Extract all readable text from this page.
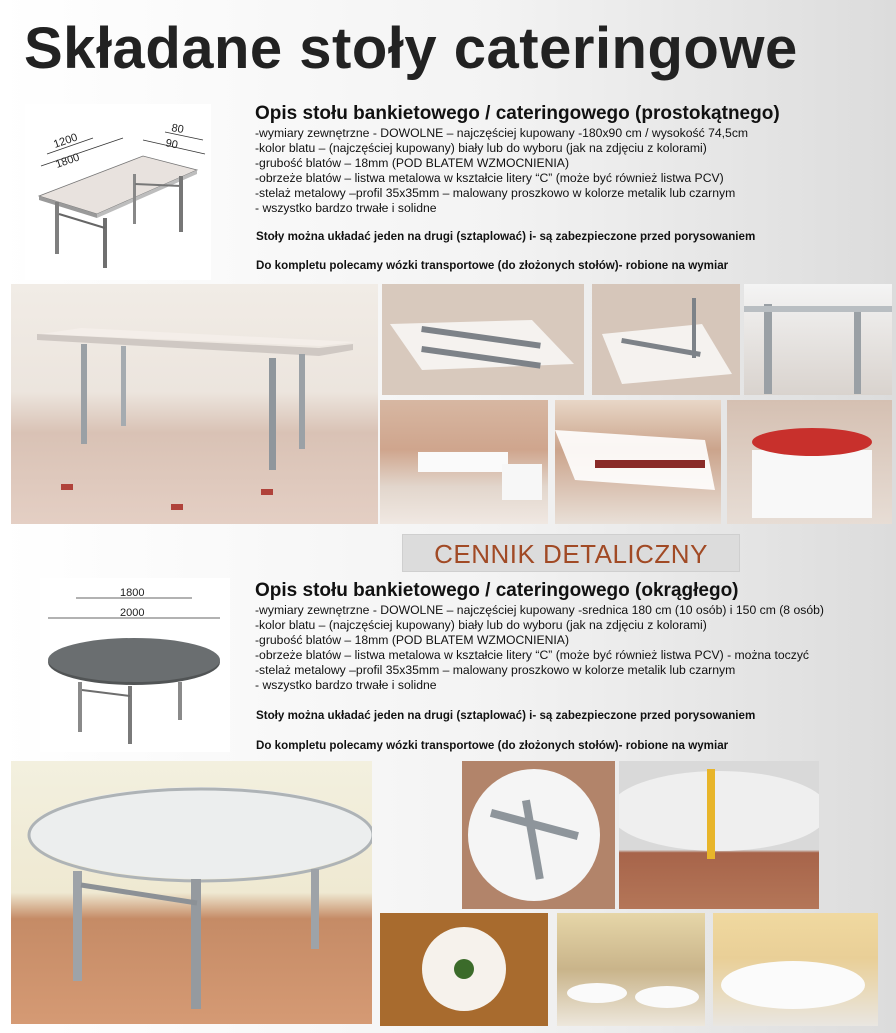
Składane stoły cateringowe
1200
1800
80
90
Opis stołu bankietowego / cateringowego (prostokątnego)
-wymiary zewnętrzne - DOWOLNE – najczęściej kupowany -180x90 cm / wysokość 74,5cm
-kolor blatu – (najczęściej kupowany) biały lub do wyboru (jak na zdjęciu z kolorami)
-grubość blatów – 18mm (POD BLATEM WZMOCNIENIA)
-obrzeże blatów – listwa metalowa w kształcie litery “C” (może być również listwa PCV)
-stelaż metalowy –profil 35x35mm – malowany proszkowo w kolorze metalik lub czarnym
- wszystko bardzo trwałe i solidne
Stoły można układać jeden na drugi (sztaplować) i- są zabezpieczone przed porysowaniem
Do kompletu polecamy wózki transportowe (do złożonych stołów)- robione na wymiar
CENNIK DETALICZNY
1800
2000
Opis stołu bankietowego / cateringowego (okrągłego)
-wymiary zewnętrzne - DOWOLNE – najczęściej kupowany -srednica 180 cm (10 osób) i 150 cm (8 osób)
-kolor blatu – (najczęściej kupowany) biały lub do wyboru (jak na zdjęciu z kolorami)
-grubość blatów – 18mm (POD BLATEM WZMOCNIENIA)
-obrzeże blatów – listwa metalowa w kształcie litery “C” (może być również listwa PCV) - można toczyć
-stelaż metalowy –profil 35x35mm – malowany proszkowo w kolorze metalik lub czarnym
- wszystko bardzo trwałe i solidne
Stoły można układać jeden na drugi (sztaplować) i- są zabezpieczone przed porysowaniem
Do kompletu polecamy wózki transportowe (do złożonych stołów)- robione na wymiar
